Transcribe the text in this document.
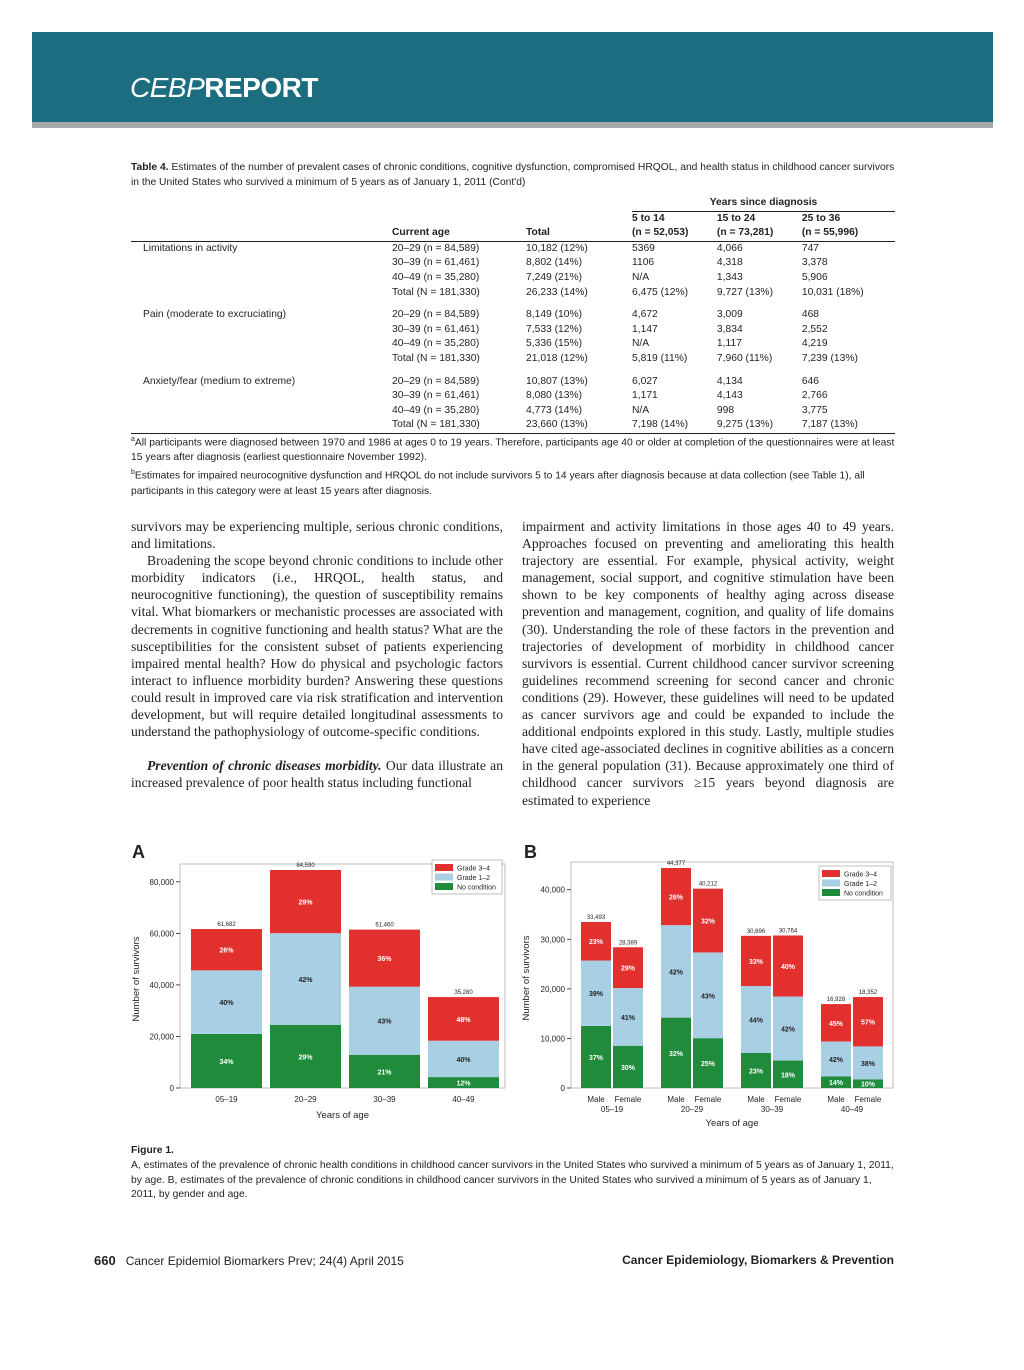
CEBPREPORT
Table 4. Estimates of the number of prevalent cases of chronic conditions, cognitive dysfunction, compromised HRQOL, and health status in childhood cancer survivors in the United States who survived a minimum of 5 years as of January 1, 2011 (Cont'd)
			Years since diagnosis		
			5 to 14	15 to 24	25 to 36
	Current age	Total	(n = 52,053)	(n = 73,281)	(n = 55,996)
Limitations in activity	20–29 (n = 84,589)	10,182 (12%)	5369	4,066	747
	30–39 (n = 61,461)	8,802 (14%)	1106	4,318	3,378
	40–49 (n = 35,280)	7,249 (21%)	N/A	1,343	5,906
	Total (N = 181,330)	26,233 (14%)	6,475 (12%)	9,727 (13%)	10,031 (18%)

Pain (moderate to excruciating)	20–29 (n = 84,589)	8,149 (10%)	4,672	3,009	468
	30–39 (n = 61,461)	7,533 (12%)	1,147	3,834	2,552
	40–49 (n = 35,280)	5,336 (15%)	N/A	1,117	4,219
	Total (N = 181,330)	21,018 (12%)	5,819 (11%)	7,960 (11%)	7,239 (13%)

Anxiety/fear (medium to extreme)	20–29 (n = 84,589)	10,807 (13%)	6,027	4,134	646
	30–39 (n = 61,461)	8,080 (13%)	1,171	4,143	2,766
	40–49 (n = 35,280)	4,773 (14%)	N/A	998	3,775
	Total (N = 181,330)	23,660 (13%)	7,198 (14%)	9,275 (13%)	7,187 (13%)

$^a$All participants were diagnosed between 1970 and 1986 at ages 0 to 19 years. Therefore, participants age 40 or older at completion of the questionnaires were at least 15 years after diagnosis (earliest questionnaire November 1992).

$^b$Estimates for impaired neurocognitive dysfunction and HRQOL do not include survivors 5 to 14 years after diagnosis because at data collection (see Table 1), all participants in this category were at least 15 years after diagnosis.

survivors may be experiencing multiple, serious chronic conditions, and limitations.

Broadening the scope beyond chronic conditions to include other morbidity indicators (i.e., HRQOL, health status, and neurocognitive functioning), the question of susceptibility remains vital. What biomarkers or mechanistic processes are associated with decrements in cognitive functioning and health status? What are the susceptibilities for the consistent subset of patients experiencing impaired mental health? How do physical and psychologic factors interact to influence morbidity burden? Answering these questions could result in improved care via risk stratification and intervention development, but will require detailed longitudinal assessments to understand the pathophysiology of outcome-specific conditions.

Prevention of chronic diseases morbidity. Our data illustrate an increased prevalence of poor health status including functional

impairment and activity limitations in those ages 40 to 49 years. Approaches focused on preventing and ameliorating this health trajectory are essential. For example, physical activity, weight management, social support, and cognitive stimulation have been shown to be key components of healthy aging across disease prevention and management, cognition, and quality of life domains (30). Understanding the role of these factors in the prevention and trajectories of development of morbidity in childhood cancer survivors is essential. Current childhood cancer survivor screening guidelines recommend screening for second cancer and chronic conditions (29). However, these guidelines will need to be updated as cancer survivors age and could be expanded to include the additional endpoints explored in this study. Lastly, multiple studies have cited age-associated declines in cognitive abilities as a concern in the general population (31). Because approximately one third of childhood cancer survivors ≥15 years beyond diagnosis are estimated to experience

A
0
20,000
40,000
60,000
80,000
Number of survivors
Years of age
34%
40%
26%
61,682
05–19
29%
42%
29%
84,590
20–29
21%
43%
36%
61,460
30–39
12%
40%
48%
35,280
40–49
Grade 3–4
Grade 1–2
No condition
B
0
10,000
20,000
30,000
40,000
Number of survivors
Years of age
37%
39%
23%
33,493
Male
30%
41%
29%
28,389
Female
32%
42%
26%
44,377
Male
25%
43%
32%
40,212
Female
23%
44%
33%
30,696
Male
18%
42%
40%
30,764
Female
14%
42%
45%
16,928
Male
10%
38%
57%
18,352
Female
05–19	20–29	30–39	40–49
Grade 3–4
Grade 1–2
No condition

Figure 1.

A, estimates of the prevalence of chronic health conditions in childhood cancer survivors in the United States who survived a minimum of 5 years as of January 1, 2011, by age. B, estimates of the prevalence of chronic conditions in childhood cancer survivors in the United States who survived a minimum of 5 years as of January 1, 2011, by gender and age.

660 Cancer Epidemiol Biomarkers Prev; 24(4) April 2015	Cancer Epidemiology, Biomarkers & Prevention
